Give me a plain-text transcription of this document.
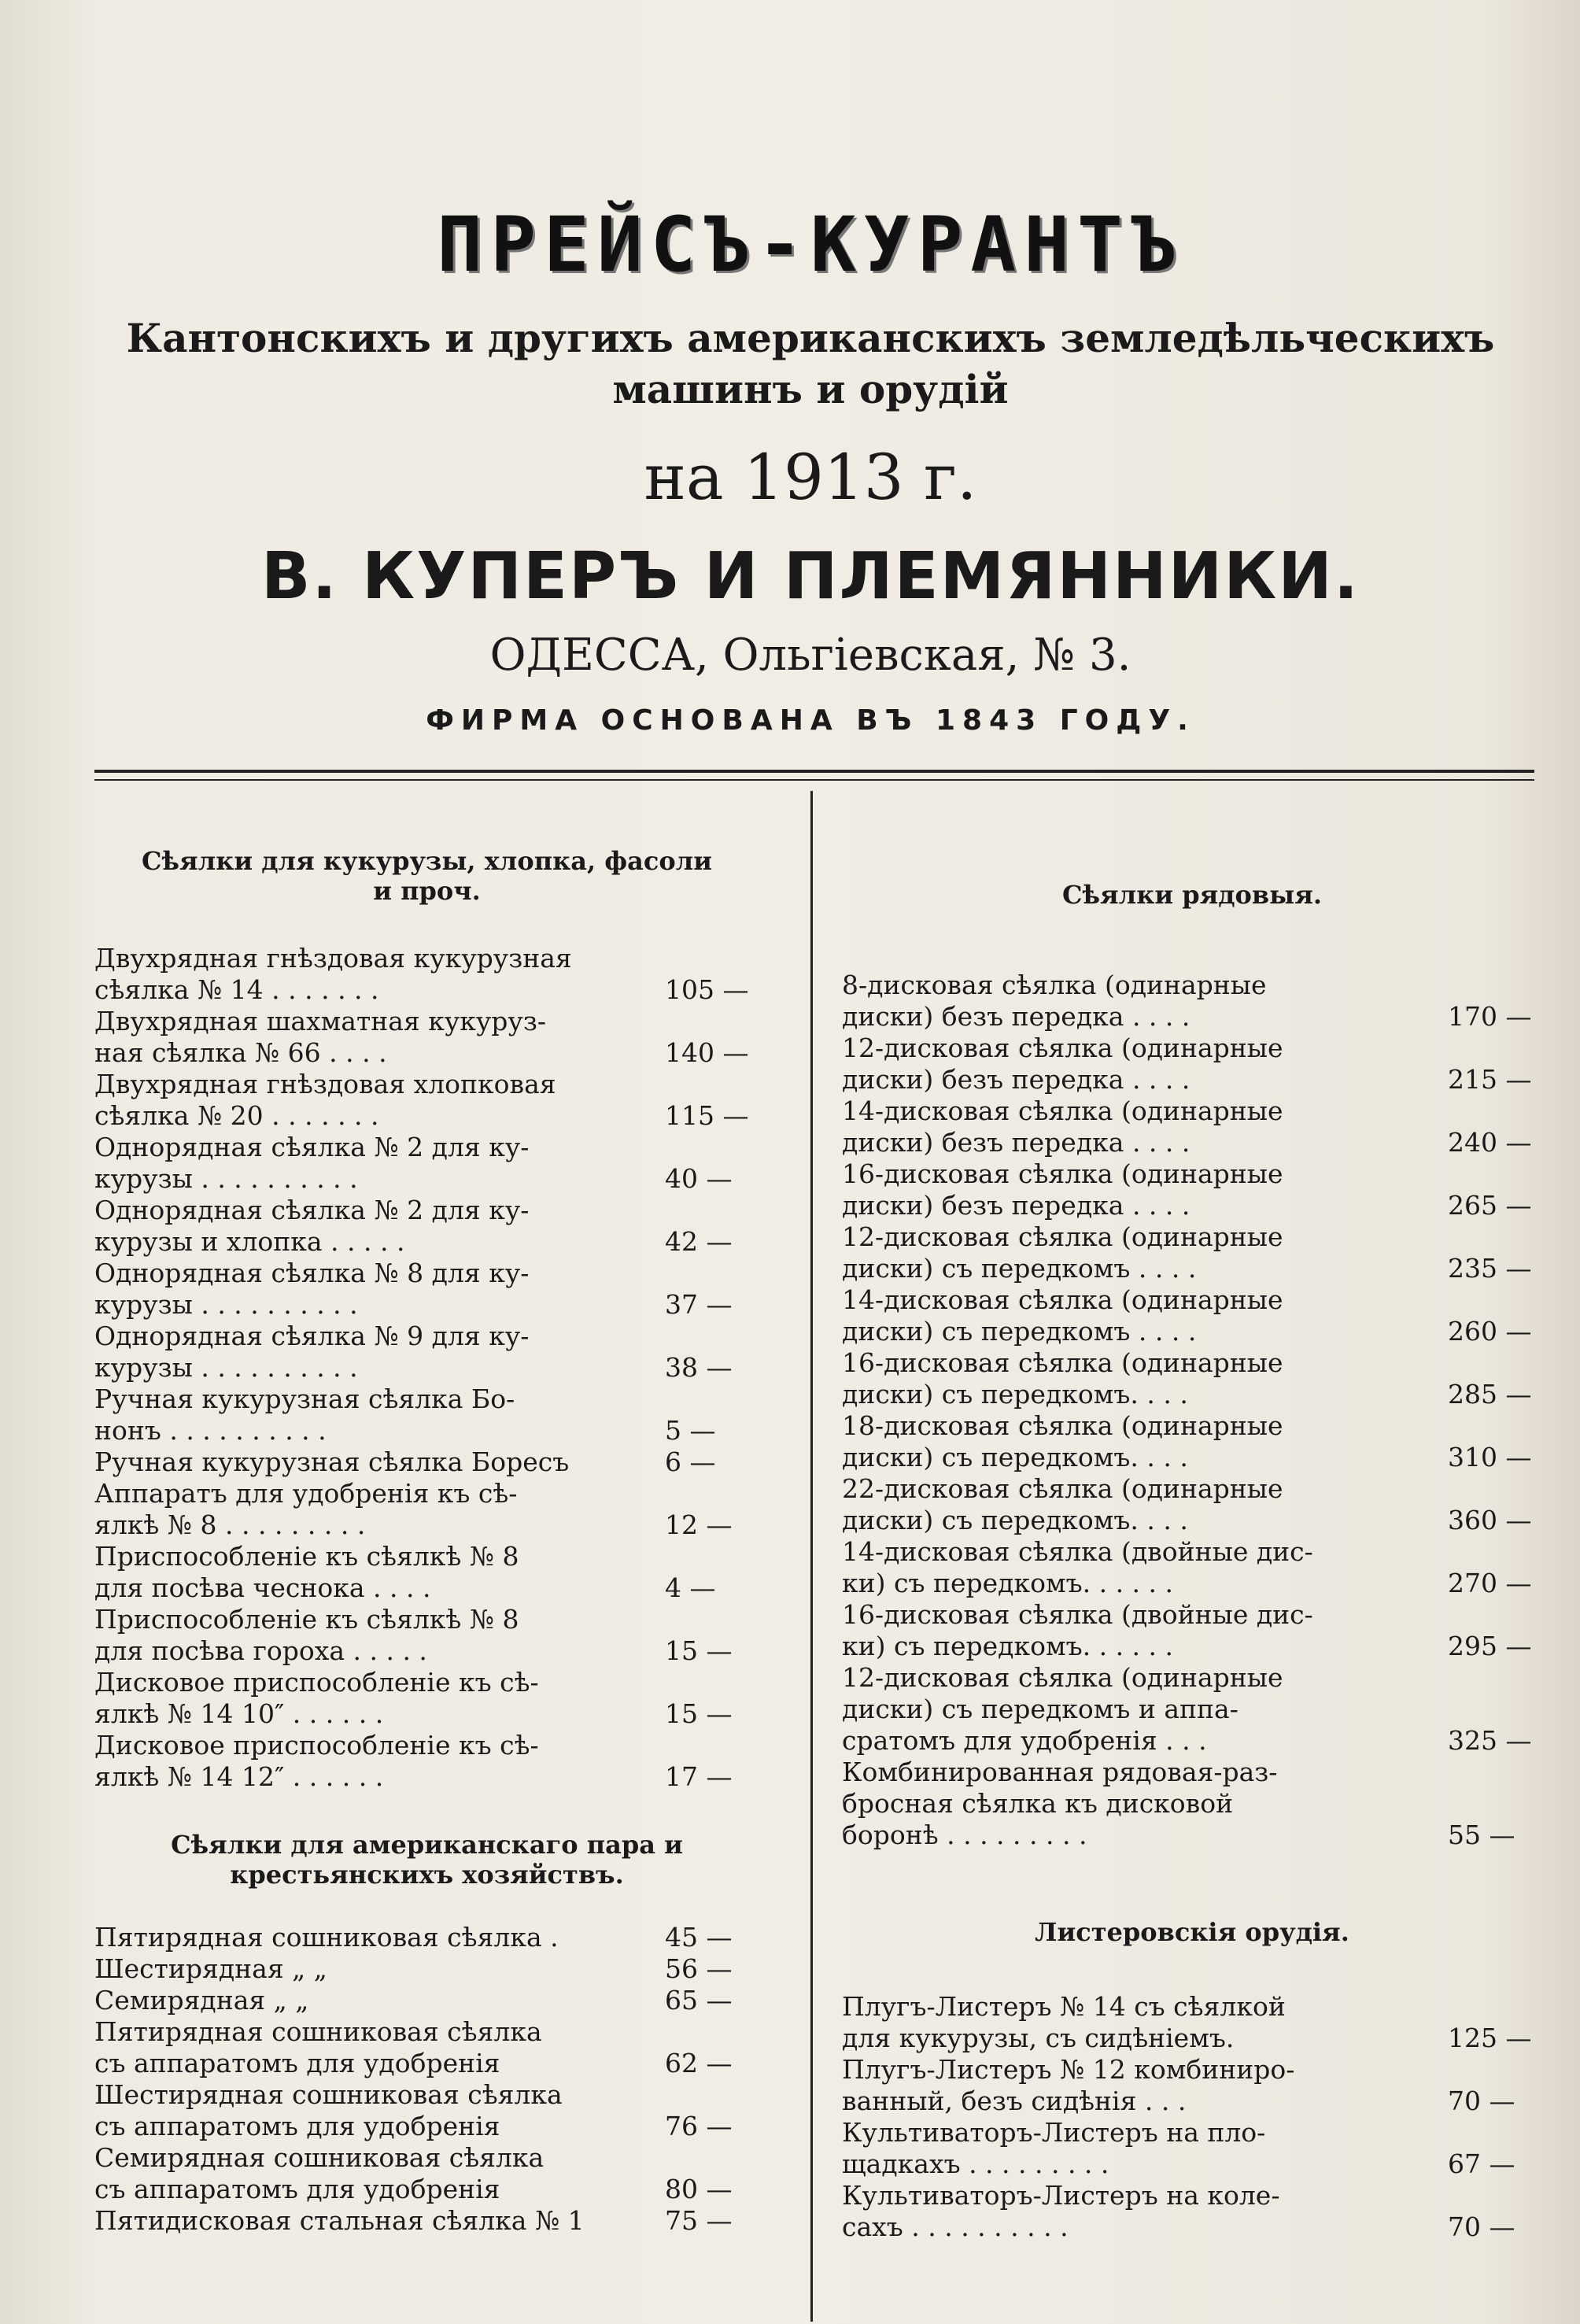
ПРЕЙСЪ-КУРАНТЪ
Кантонскихъ и другихъ американскихъ земледѣльческихъ
машинъ и орудій
на 1913 г.
В. КУПЕРЪ И ПЛЕМЯННИКИ.
ОДЕССА, Ольгіевская, № 3.
ФИРМА ОСНОВАНА ВЪ 1843 ГОДУ.
Сѣялки для кукурузы, хлопка, фасоли
и проч.
Двухрядная гнѣздовая кукурузная
сѣялка № 14 . . . . . . .	105 —
Двухрядная шахматная кукуруз-
ная сѣялка № 66 . . . .	140 —
Двухрядная гнѣздовая хлопковая
сѣялка № 20 . . . . . . .	115 —
Однорядная сѣялка № 2 для ку-
курузы . . . . . . . . . .	40 —
Однорядная сѣялка № 2 для ку-
курузы и хлопка . . . . .	42 —
Однорядная сѣялка № 8 для ку-
курузы . . . . . . . . . .	37 —
Однорядная сѣялка № 9 для ку-
курузы . . . . . . . . . .	38 —
Ручная кукурузная сѣялка Бо-
нонъ . . . . . . . . . .	5 —
Ручная кукурузная сѣялка Боресъ	6 —
Аппаратъ для удобренія къ сѣ-
ялкѣ № 8 . . . . . . . . .	12 —
Приспособленіе къ сѣялкѣ № 8
для посѣва чеснока . . . .	4 —
Приспособленіе къ сѣялкѣ № 8
для посѣва гороха . . . . .	15 —
Дисковое приспособленіе къ сѣ-
ялкѣ № 14 10″ . . . . . .	15 —
Дисковое приспособленіе къ сѣ-
ялкѣ № 14 12″ . . . . . .	17 —
Сѣялки для американскаго пара и
крестьянскихъ хозяйствъ.
Пятирядная сошниковая сѣялка .	45 —
Шестирядная „ „	56 —
Семирядная „ „	65 —
Пятирядная сошниковая сѣялка
съ аппаратомъ для удобренія	62 —
Шестирядная сошниковая сѣялка
съ аппаратомъ для удобренія	76 —
Семирядная сошниковая сѣялка
съ аппаратомъ для удобренія	80 —
Пятидисковая стальная сѣялка № 1	75 —
Сѣялки рядовыя.
8-дисковая сѣялка (одинарные
диски) безъ передка . . . .	170 —
12-дисковая сѣялка (одинарные
диски) безъ передка . . . .	215 —
14-дисковая сѣялка (одинарные
диски) безъ передка . . . .	240 —
16-дисковая сѣялка (одинарные
диски) безъ передка . . . .	265 —
12-дисковая сѣялка (одинарные
диски) съ передкомъ . . . .	235 —
14-дисковая сѣялка (одинарные
диски) съ передкомъ . . . .	260 —
16-дисковая сѣялка (одинарные
диски) съ передкомъ. . . .	285 —
18-дисковая сѣялка (одинарные
диски) съ передкомъ. . . .	310 —
22-дисковая сѣялка (одинарные
диски) съ передкомъ. . . .	360 —
14-дисковая сѣялка (двойные дис-
ки) съ передкомъ. . . . . .	270 —
16-дисковая сѣялка (двойные дис-
ки) съ передкомъ. . . . . .	295 —
12-дисковая сѣялка (одинарные
диски) съ передкомъ и аппа-
cратомъ для удобренія . . .	325 —
Комбинированная рядовая-раз-
бросная сѣялка къ дисковой
боронѣ . . . . . . . . .	55 —
Листеровскія орудія.
Плугъ-Листеръ № 14 съ сѣялкой
для кукурузы, съ сидѣніемъ.	125 —
Плугъ-Листеръ № 12 комбиниро-
ванный, безъ сидѣнія . . .	70 —
Культиваторъ-Листеръ на пло-
щадкахъ . . . . . . . . .	67 —
Культиваторъ-Листеръ на коле-
сахъ . . . . . . . . . .	70 —
